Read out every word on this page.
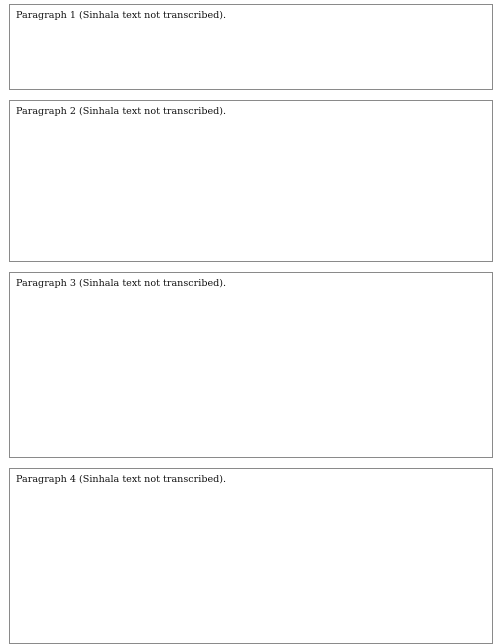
Paragraph 1 (Sinhala text not transcribed).
Paragraph 2 (Sinhala text not transcribed).
Paragraph 3 (Sinhala text not transcribed).
Paragraph 4 (Sinhala text not transcribed).
